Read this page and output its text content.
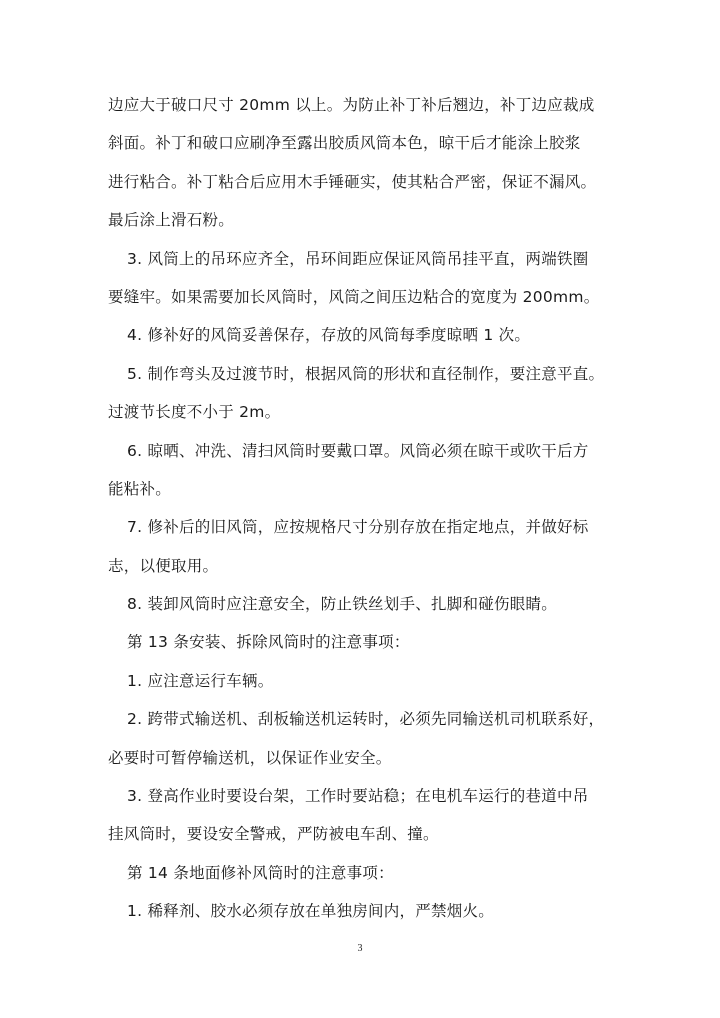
边应大于破口尺寸 20mm 以上。为防止补丁补后翘边，补丁边应裁成
斜面。补丁和破口应刷净至露出胶质风筒本色，晾干后才能涂上胶浆
进行粘合。补丁粘合后应用木手锤砸实，使其粘合严密，保证不漏风。
最后涂上滑石粉。
3. 风筒上的吊环应齐全，吊环间距应保证风筒吊挂平直，两端铁圈
要缝牢。如果需要加长风筒时，风筒之间压边粘合的宽度为 200mm。
4. 修补好的风筒妥善保存，存放的风筒每季度晾晒 1 次。
5. 制作弯头及过渡节时，根据风筒的形状和直径制作，要注意平直。
过渡节长度不小于 2m。
6. 晾晒、冲洗、清扫风筒时要戴口罩。风筒必须在晾干或吹干后方
能粘补。
7. 修补后的旧风筒，应按规格尺寸分别存放在指定地点，并做好标
志，以便取用。
8. 装卸风筒时应注意安全，防止铁丝划手、扎脚和碰伤眼睛。
第 13 条安装、拆除风筒时的注意事项：
1. 应注意运行车辆。
2. 跨带式输送机、刮板输送机运转时，必须先同输送机司机联系好，
必要时可暂停输送机，以保证作业安全。
3. 登高作业时要设台架，工作时要站稳；在电机车运行的巷道中吊
挂风筒时，要设安全警戒，严防被电车刮、撞。
第 14 条地面修补风筒时的注意事项：
1. 稀释剂、胶水必须存放在单独房间内，严禁烟火。
3
